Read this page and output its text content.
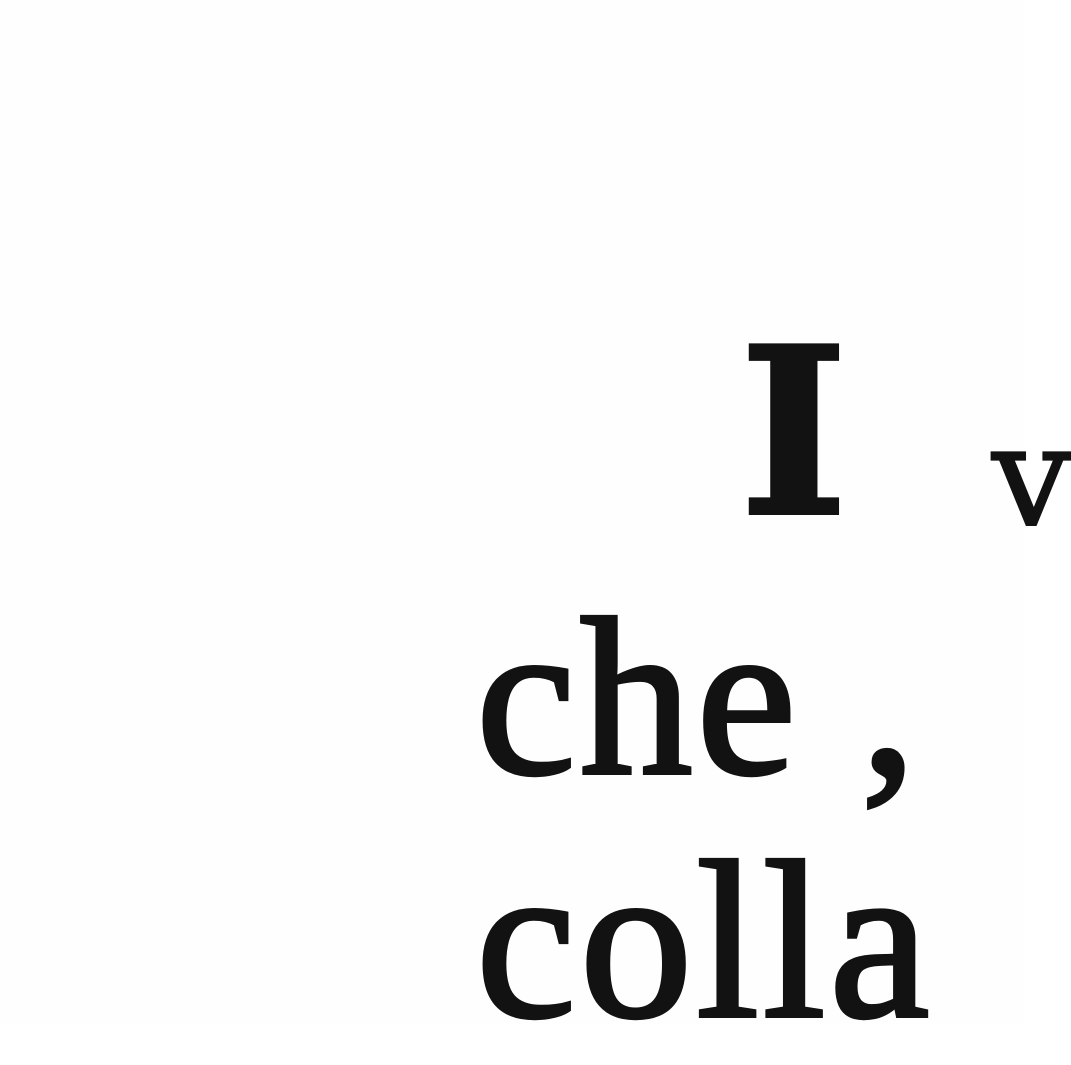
I v
che ,
colla
